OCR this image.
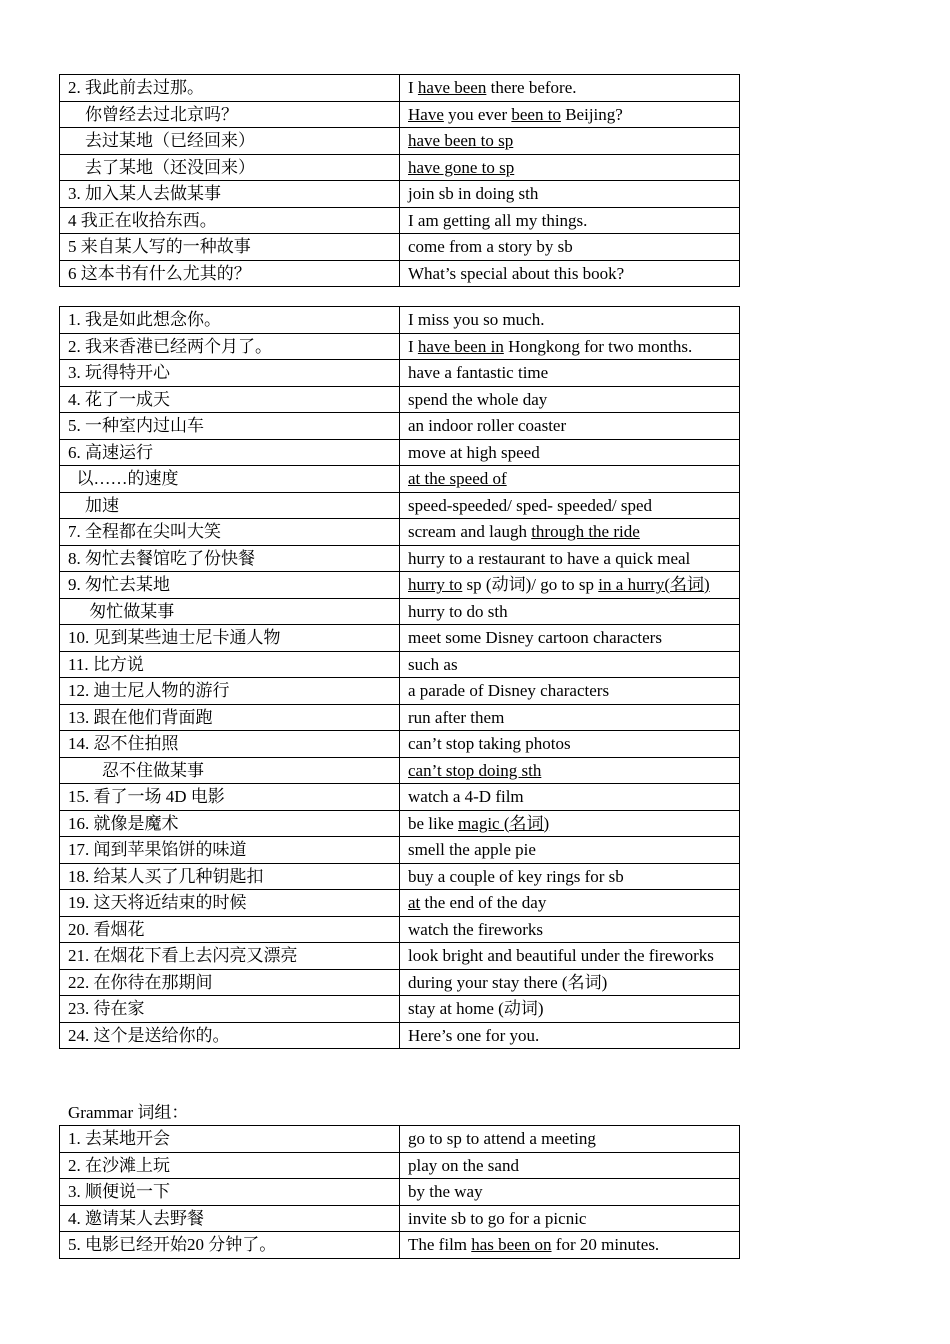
2. 我此前去过那。	I have been there before.
　你曾经去过北京吗？	Have you ever been to Beijing?
　去过某地（已经回来）	have been to sp
　去了某地（还没回来）	have gone to sp
3. 加入某人去做某事	join sb in doing sth
4 我正在收拾东西。	I am getting all my things.
5 来自某人写的一种故事	come from a story by sb
6 这本书有什么尤其的？	What’s special about this book?
1. 我是如此想念你。	I miss you so much.
2. 我来香港已经两个月了。	I have been in Hongkong for two months.
3. 玩得特开心	have a fantastic time
4. 花了一成天	spend the whole day
5. 一种室内过山车	an indoor roller coaster
6. 高速运行	move at high speed
以……的速度	at the speed of
　加速	speed-speeded/ sped- speeded/ sped
7. 全程都在尖叫大笑	scream and laugh through the ride
8. 匆忙去餐馆吃了份快餐	hurry to a restaurant to have a quick meal
9. 匆忙去某地	hurry to sp (动词)/ go to sp in a hurry(名词)
　 匆忙做某事	hurry to do sth
10. 见到某些迪士尼卡通人物	meet some Disney cartoon characters
11. 比方说	such as
12. 迪士尼人物的游行	a parade of Disney characters
13. 跟在他们背面跑	run after them
14. 忍不住拍照	can’t stop taking photos
　　忍不住做某事	can’t stop doing sth
15. 看了一场 4D 电影	watch a 4-D film
16. 就像是魔术	be like magic (名词)
17. 闻到苹果馅饼的味道	smell the apple pie
18. 给某人买了几种钥匙扣	buy a couple of key rings for sb
19. 这天将近结束的时候	at the end of the day
20. 看烟花	watch the fireworks
21. 在烟花下看上去闪亮又漂亮	look bright and beautiful under the fireworks
22. 在你待在那期间	during your stay there (名词)
23. 待在家	stay at home (动词)
24. 这个是送给你的。	Here’s one for you.
Grammar 词组：
1. 去某地开会	go to sp to attend a meeting
2. 在沙滩上玩	play on the sand
3. 顺便说一下	by the way
4. 邀请某人去野餐	invite sb to go for a picnic
5. 电影已经开始20 分钟了。	The film has been on for 20 minutes.
